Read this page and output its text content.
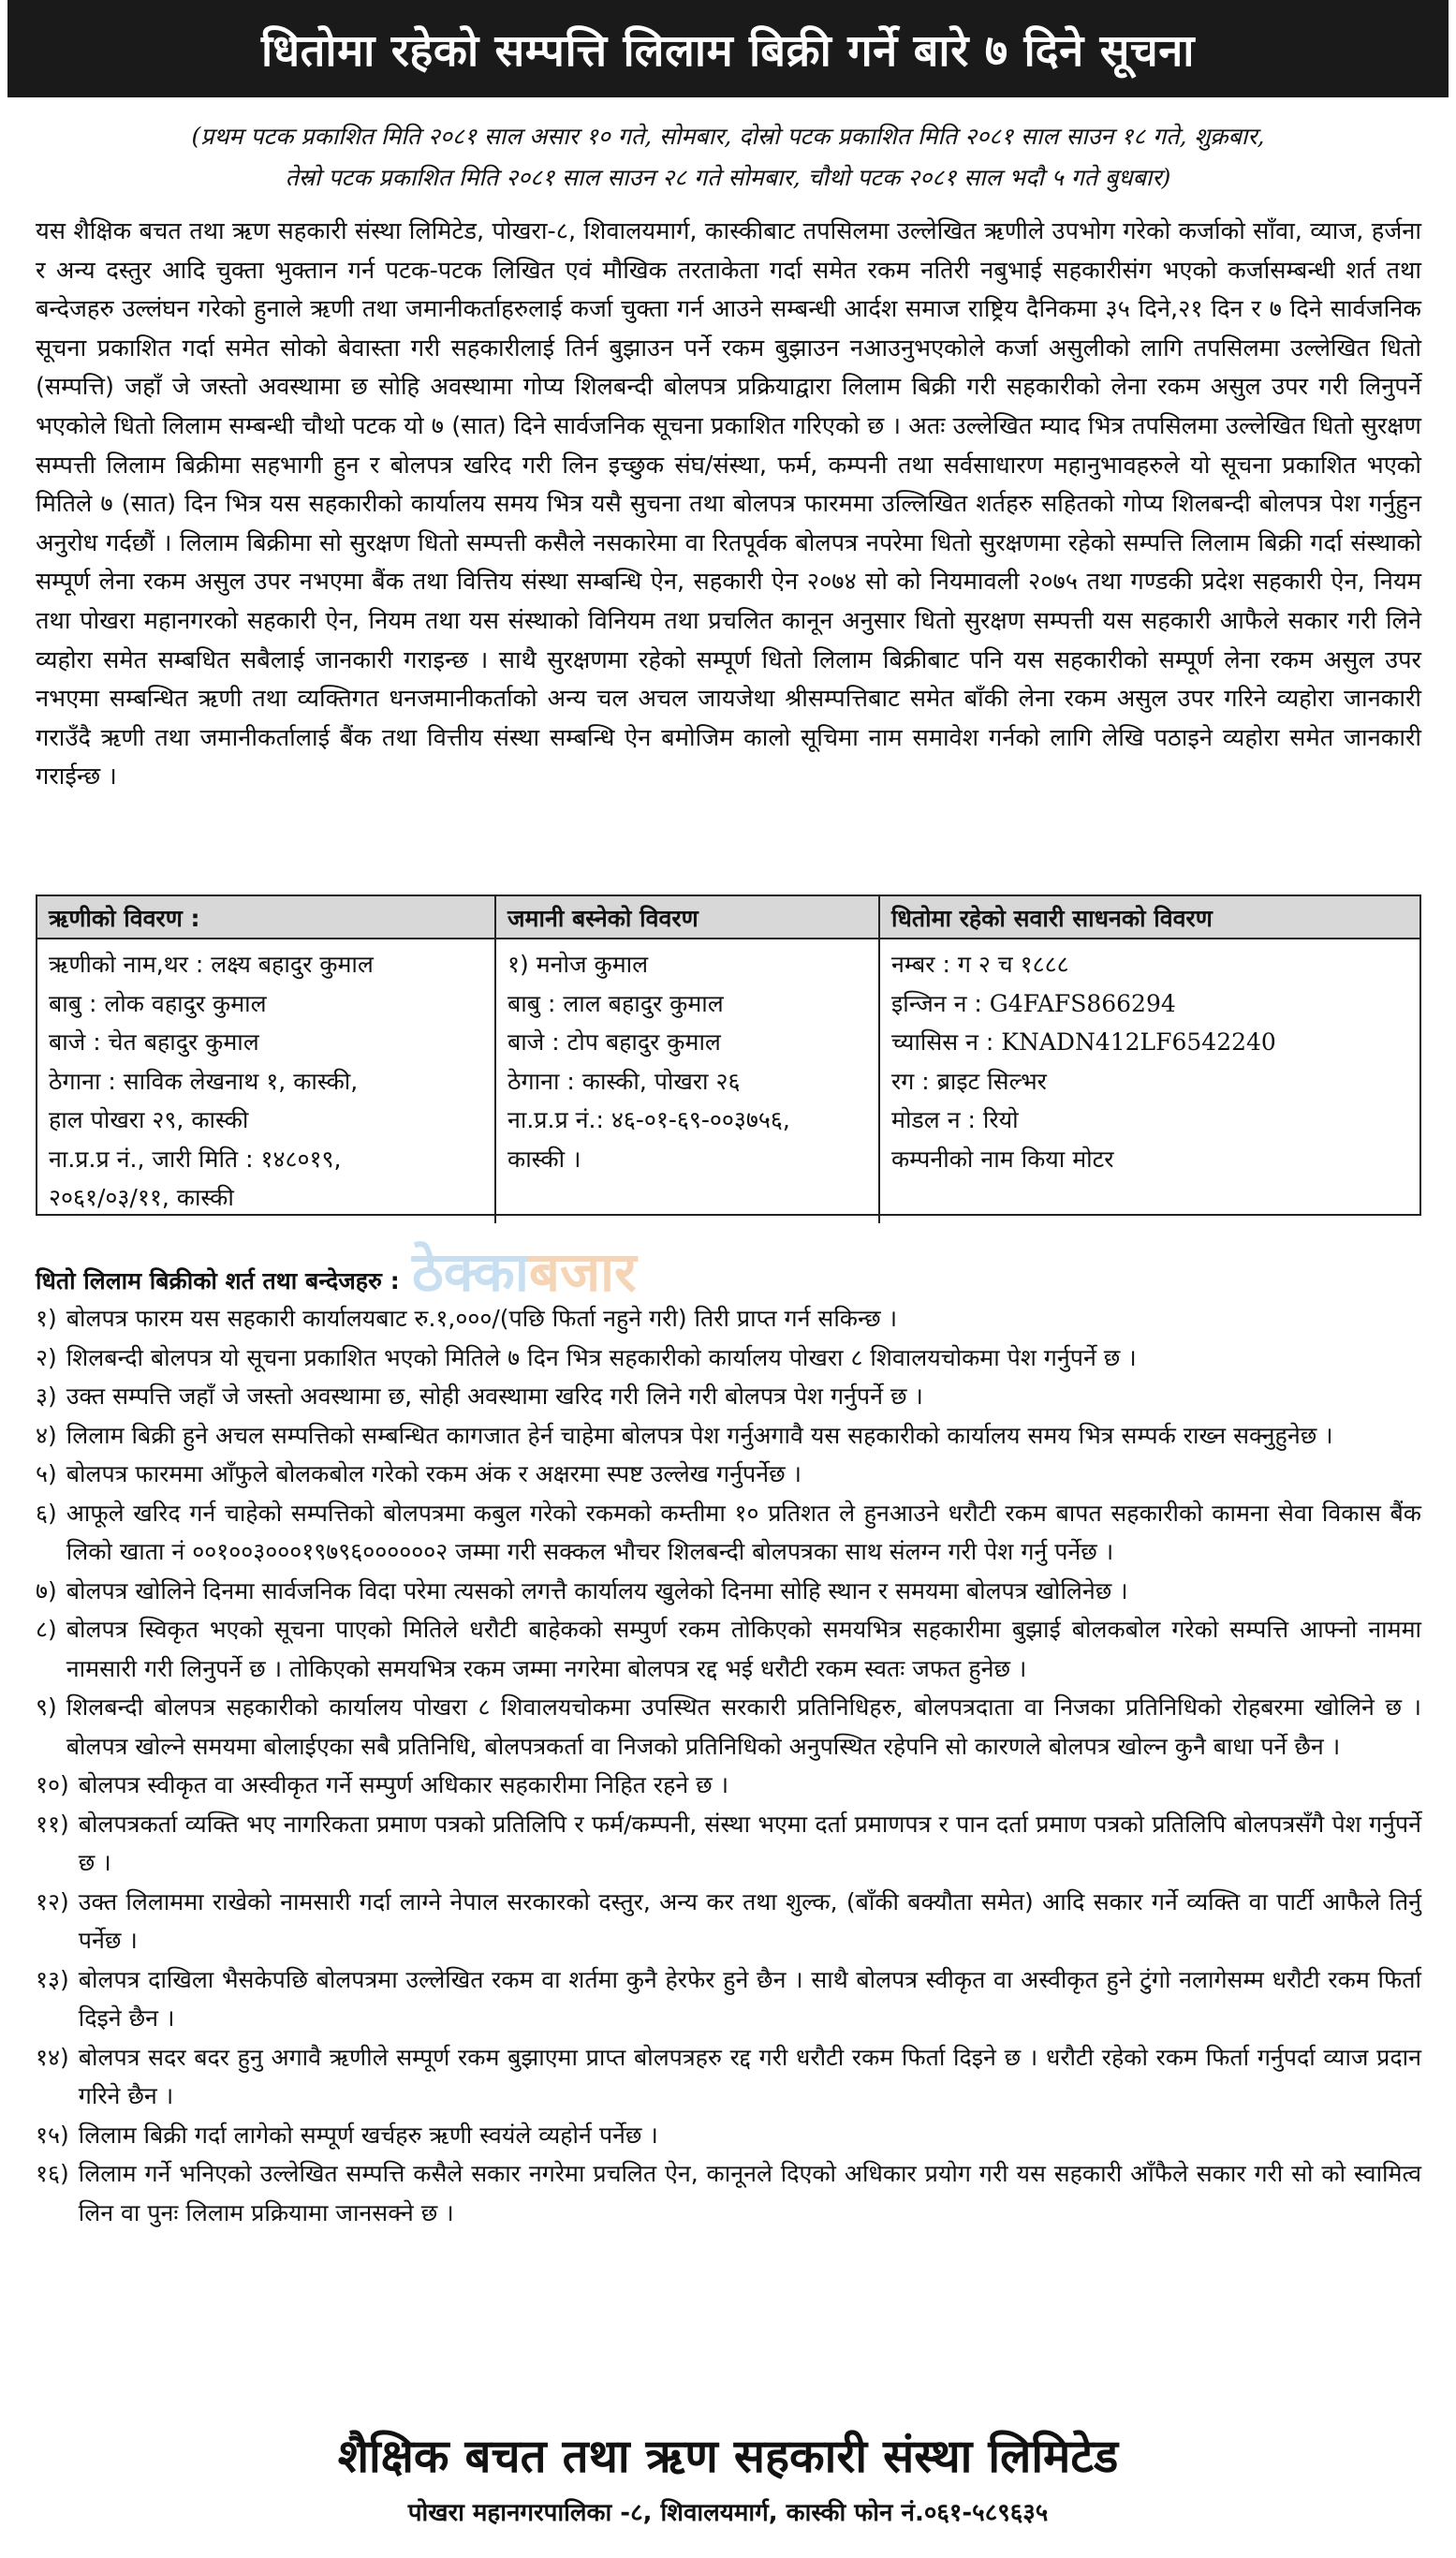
धितोमा रहेको सम्पत्ति लिलाम बिक्री गर्ने बारे ७ दिने सूचना
(प्रथम पटक प्रकाशित मिति २०८१ साल असार १० गते, सोमबार, दोस्रो पटक प्रकाशित मिति २०८१ साल साउन १८ गते, शुक्रबार,
तेस्रो पटक प्रकाशित मिति २०८१ साल साउन २८ गते सोमबार, चौथो पटक २०८१ साल भदौ ५ गते बुधबार)
यस शैक्षिक बचत तथा ऋण सहकारी संस्था लिमिटेड, पोखरा-८, शिवालयमार्ग, कास्कीबाट तपसिलमा उल्लेखित ऋणीले उपभोग गरेको कर्जाको साँवा, व्याज, हर्जना र अन्य दस्तुर आदि चुक्ता भुक्तान गर्न पटक-पटक लिखित एवं मौखिक तरताकेता गर्दा समेत रकम नतिरी नबुभाई सहकारीसंग भएको कर्जासम्बन्धी शर्त तथा बन्देजहरु उल्लंघन गरेको हुनाले ऋणी तथा जमानीकर्ताहरुलाई कर्जा चुक्ता गर्न आउने सम्बन्धी आर्दश समाज राष्ट्रिय दैनिकमा ३५ दिने,२१ दिन र ७ दिने सार्वजनिक सूचना प्रकाशित गर्दा समेत सोको बेवास्ता गरी सहकारीलाई तिर्न बुझाउन पर्ने रकम बुझाउन नआउनुभएकोले कर्जा असुलीको लागि तपसिलमा उल्लेखित धितो (सम्पत्ति) जहाँ जे जस्तो अवस्थामा छ सोहि अवस्थामा गोप्य शिलबन्दी बोलपत्र प्रक्रियाद्वारा लिलाम बिक्री गरी सहकारीको लेना रकम असुल उपर गरी लिनुपर्ने भएकोले धितो लिलाम सम्बन्धी चौथो पटक यो ७ (सात) दिने सार्वजनिक सूचना प्रकाशित गरिएको छ । अतः उल्लेखित म्याद भित्र तपसिलमा उल्लेखित धितो सुरक्षण सम्पत्ती लिलाम बिक्रीमा सहभागी हुन र बोलपत्र खरिद गरी लिन इच्छुक संघ/संस्था, फर्म, कम्पनी तथा सर्वसाधारण महानुभावहरुले यो सूचना प्रकाशित भएको मितिले ७ (सात) दिन भित्र यस सहकारीको कार्यालय समय भित्र यसै सुचना तथा बोलपत्र फारममा उल्लिखित शर्तहरु सहितको गोप्य शिलबन्दी बोलपत्र पेश गर्नुहुन अनुरोध गर्दछौं । लिलाम बिक्रीमा सो सुरक्षण धितो सम्पत्ती कसैले नसकारेमा वा रितपूर्वक बोलपत्र नपरेमा धितो सुरक्षणमा रहेको सम्पत्ति लिलाम बिक्री गर्दा संस्थाको सम्पूर्ण लेना रकम असुल उपर नभएमा बैंक तथा वित्तिय संस्था सम्बन्धि ऐन, सहकारी ऐन २०७४ सो को नियमावली २०७५ तथा गण्डकी प्रदेश सहकारी ऐन, नियम तथा पोखरा महानगरको सहकारी ऐन, नियम तथा यस संस्थाको विनियम तथा प्रचलित कानून अनुसार धितो सुरक्षण सम्पत्ती यस सहकारी आफैले सकार गरी लिने व्यहोरा समेत सम्बधित सबैलाई जानकारी गराइन्छ । साथै सुरक्षणमा रहेको सम्पूर्ण धितो लिलाम बिक्रीबाट पनि यस सहकारीको सम्पूर्ण लेना रकम असुल उपर नभएमा सम्बन्धित ऋणी तथा व्यक्तिगत धनजमानीकर्ताको अन्य चल अचल जायजेथा श्रीसम्पत्तिबाट समेत बाँकी लेना रकम असुल उपर गरिने व्यहोरा जानकारी गराउँदै ऋणी तथा जमानीकर्तालाई बैंक तथा वित्तीय संस्था सम्बन्धि ऐन बमोजिम कालो सूचिमा नाम समावेश गर्नको लागि लेखि पठाइने व्यहोरा समेत जानकारी गराईन्छ ।
ऋणीको विवरण :	जमानी बस्नेको विवरण	धितोमा रहेको सवारी साधनको विवरण
ऋणीको नाम,थर : लक्ष्य बहादुर कुमाल
बाबु : लोक वहादुर कुमाल
बाजे : चेत बहादुर कुमाल
ठेगाना : साविक लेखनाथ १, कास्की,
हाल पोखरा २९, कास्की
ना.प्र.प्र नं., जारी मिति : १४८०१९,
२०६१/०३/११, कास्की
१) मनोज कुमाल
बाबु : लाल बहादुर कुमाल
बाजे : टोप बहादुर कुमाल
ठेगाना : कास्की, पोखरा २६
ना.प्र.प्र नं.: ४६-०१-६९-००३७५६,
कास्की ।
नम्बर : ग २ च १८८८
इन्जिन न : G4FAFS866294
च्यासिस न : KNADN412LF6542240
रग : ब्राइट सिल्भर
मोडल न : रियो
कम्पनीको नाम किया मोटर
ठेक्का बजार
धितो लिलाम बिक्रीको शर्त तथा बन्देजहरु :
१) बोलपत्र फारम यस सहकारी कार्यालयबाट रु.१,०००/(पछि फिर्ता नहुने गरी) तिरी प्राप्त गर्न सकिन्छ ।
२) शिलबन्दी बोलपत्र यो सूचना प्रकाशित भएको मितिले ७ दिन भित्र सहकारीको कार्यालय पोखरा ८ शिवालयचोकमा पेश गर्नुपर्ने छ ।
३) उक्त सम्पत्ति जहाँ जे जस्तो अवस्थामा छ, सोही अवस्थामा खरिद गरी लिने गरी बोलपत्र पेश गर्नुपर्ने छ ।
४) लिलाम बिक्री हुने अचल सम्पत्तिको सम्बन्धित कागजात हेर्न चाहेमा बोलपत्र पेश गर्नुअगावै यस सहकारीको कार्यालय समय भित्र सम्पर्क राख्न सक्नुहुनेछ ।
५) बोलपत्र फारममा आँफुले बोलकबोल गरेको रकम अंक र अक्षरमा स्पष्ट उल्लेख गर्नुपर्नेछ ।
६) आफूले खरिद गर्न चाहेको सम्पत्तिको बोलपत्रमा कबुल गरेको रकमको कम्तीमा १० प्रतिशत ले हुनआउने धरौटी रकम बापत सहकारीको कामना सेवा विकास बैंक लिको खाता नं ००१००३०००१९७९६००००००२ जम्मा गरी सक्कल भौचर शिलबन्दी बोलपत्रका साथ संलग्न गरी पेश गर्नु पर्नेछ ।
७) बोलपत्र खोलिने दिनमा सार्वजनिक विदा परेमा त्यसको लगत्तै कार्यालय खुलेको दिनमा सोहि स्थान र समयमा बोलपत्र खोलिनेछ ।
८) बोलपत्र स्विकृत भएको सूचना पाएको मितिले धरौटी बाहेकको सम्पुर्ण रकम तोकिएको समयभित्र सहकारीमा बुझाई बोलकबोल गरेको सम्पत्ति आफ्नो नाममा नामसारी गरी लिनुपर्ने छ । तोकिएको समयभित्र रकम जम्मा नगरेमा बोलपत्र रद्द भई धरौटी रकम स्वतः जफत हुनेछ ।
९) शिलबन्दी बोलपत्र सहकारीको कार्यालय पोखरा ८ शिवालयचोकमा उपस्थित सरकारी प्रतिनिधिहरु, बोलपत्रदाता वा निजका प्रतिनिधिको रोहबरमा खोलिने छ । बोलपत्र खोल्ने समयमा बोलाईएका सबै प्रतिनिधि, बोलपत्रकर्ता वा निजको प्रतिनिधिको अनुपस्थित रहेपनि सो कारणले बोलपत्र खोल्न कुनै बाधा पर्ने छैन ।
१०) बोलपत्र स्वीकृत वा अस्वीकृत गर्ने सम्पुर्ण अधिकार सहकारीमा निहित रहने छ ।
११) बोलपत्रकर्ता व्यक्ति भए नागरिकता प्रमाण पत्रको प्रतिलिपि र फर्म/कम्पनी, संस्था भएमा दर्ता प्रमाणपत्र र पान दर्ता प्रमाण पत्रको प्रतिलिपि बोलपत्रसँगै पेश गर्नुपर्ने छ ।
१२) उक्त लिलाममा राखेको नामसारी गर्दा लाग्ने नेपाल सरकारको दस्तुर, अन्य कर तथा शुल्क, (बाँकी बक्यौता समेत) आदि सकार गर्ने व्यक्ति वा पार्टी आफैले तिर्नु पर्नेछ ।
१३) बोलपत्र दाखिला भैसकेपछि बोलपत्रमा उल्लेखित रकम वा शर्तमा कुनै हेरफेर हुने छैन । साथै बोलपत्र स्वीकृत वा अस्वीकृत हुने टुंगो नलागेसम्म धरौटी रकम फिर्ता दिइने छैन ।
१४) बोलपत्र सदर बदर हुनु अगावै ऋणीले सम्पूर्ण रकम बुझाएमा प्राप्त बोलपत्रहरु रद्द गरी धरौटी रकम फिर्ता दिइने छ । धरौटी रहेको रकम फिर्ता गर्नुपर्दा व्याज प्रदान गरिने छैन ।
१५) लिलाम बिक्री गर्दा लागेको सम्पूर्ण खर्चहरु ऋणी स्वयंले व्यहोर्न पर्नेछ ।
१६) लिलाम गर्ने भनिएको उल्लेखित सम्पत्ति कसैले सकार नगरेमा प्रचलित ऐन, कानूनले दिएको अधिकार प्रयोग गरी यस सहकारी आँफैले सकार गरी सो को स्वामित्व लिन वा पुनः लिलाम प्रक्रियामा जानसक्ने छ ।
शैक्षिक बचत तथा ऋण सहकारी संस्था लिमिटेड
पोखरा महानगरपालिका -८, शिवालयमार्ग, कास्की फोन नं.०६१-५८९६३५
